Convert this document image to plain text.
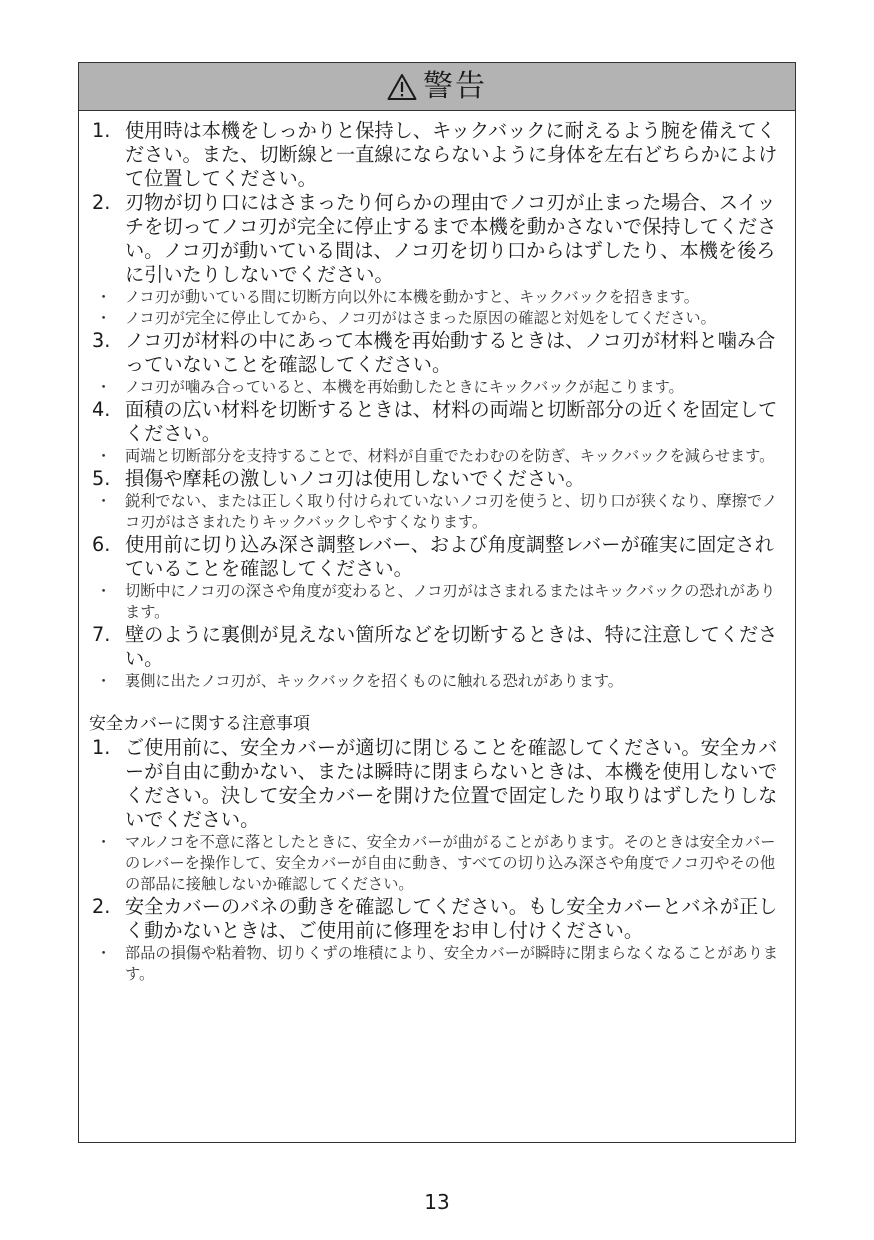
警告
1. 使用時は本機をしっかりと保持し、キックバックに耐えるよう腕を備えてください。また、切断線と一直線にならないように身体を左右どちらかによけて位置してください。
2. 刃物が切り口にはさまったり何らかの理由でノコ刃が止まった場合、スイッチを切ってノコ刃が完全に停止するまで本機を動かさないで保持してください。ノコ刃が動いている間は、ノコ刃を切り口からはずしたり、本機を後ろに引いたりしないでください。
・ ノコ刃が動いている間に切断方向以外に本機を動かすと、キックバックを招きます。
・ ノコ刃が完全に停止してから、ノコ刃がはさまった原因の確認と対処をしてください。
3. ノコ刃が材料の中にあって本機を再始動するときは、ノコ刃が材料と噛み合っていないことを確認してください。
・ ノコ刃が噛み合っていると、本機を再始動したときにキックバックが起こります。
4. 面積の広い材料を切断するときは、材料の両端と切断部分の近くを固定してください。
・ 両端と切断部分を支持することで、材料が自重でたわむのを防ぎ、キックバックを減らせます。
5. 損傷や摩耗の激しいノコ刃は使用しないでください。
・ 鋭利でない、または正しく取り付けられていないノコ刃を使うと、切り口が狭くなり、摩擦でノコ刃がはさまれたりキックバックしやすくなります。
6. 使用前に切り込み深さ調整レバー、および角度調整レバーが確実に固定されていることを確認してください。
・ 切断中にノコ刃の深さや角度が変わると、ノコ刃がはさまれるまたはキックバックの恐れがあります。
7. 壁のように裏側が見えない箇所などを切断するときは、特に注意してください。
・ 裏側に出たノコ刃が、キックバックを招くものに触れる恐れがあります。
安全カバーに関する注意事項
1. ご使用前に、安全カバーが適切に閉じることを確認してください。安全カバーが自由に動かない、または瞬時に閉まらないときは、本機を使用しないでください。決して安全カバーを開けた位置で固定したり取りはずしたりしないでください。
・ マルノコを不意に落としたときに、安全カバーが曲がることがあります。そのときは安全カバーのレバーを操作して、安全カバーが自由に動き、すべての切り込み深さや角度でノコ刃やその他の部品に接触しないか確認してください。
2. 安全カバーのバネの動きを確認してください。もし安全カバーとバネが正しく動かないときは、ご使用前に修理をお申し付けください。
・ 部品の損傷や粘着物、切りくずの堆積により、安全カバーが瞬時に閉まらなくなることがあります。
13
